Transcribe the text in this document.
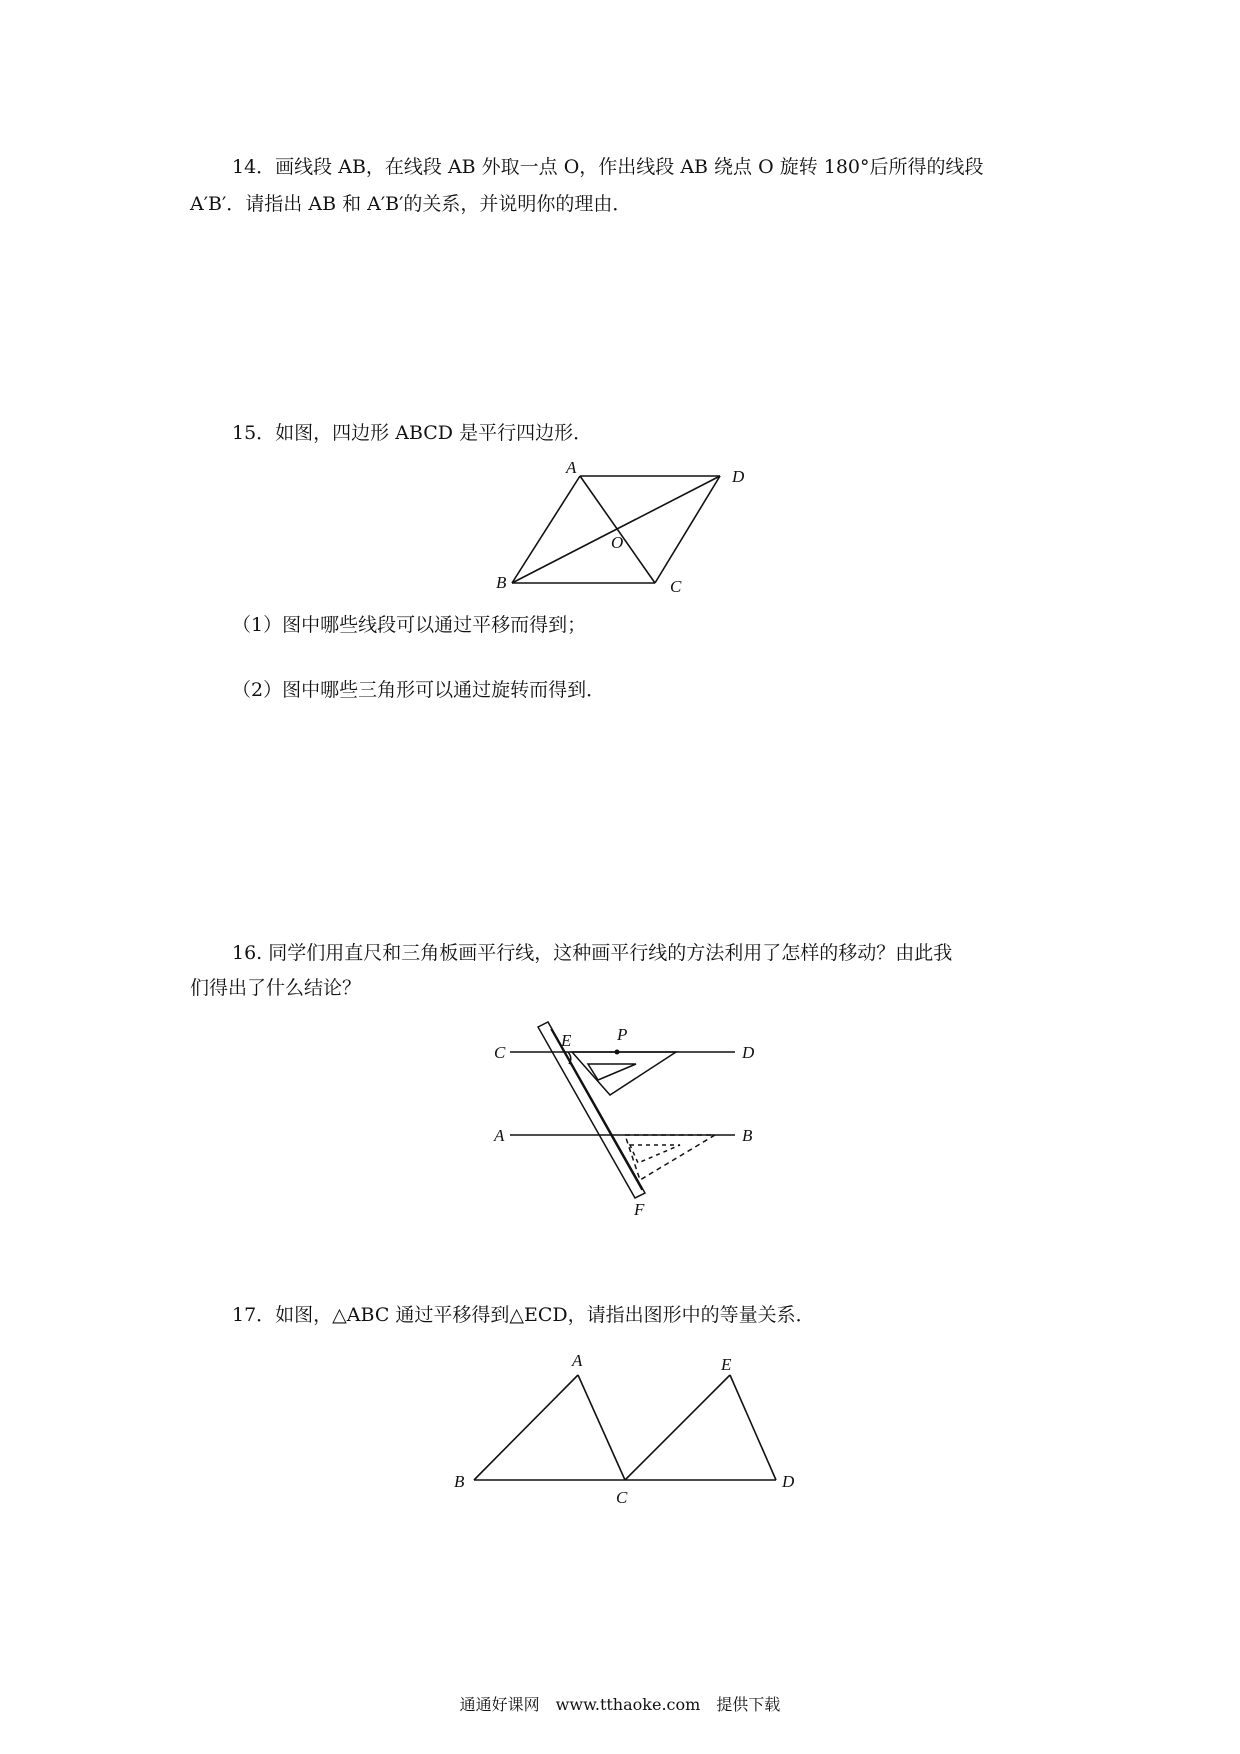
14．画线段 AB，在线段 AB 外取一点 O，作出线段 AB 绕点 O 旋转 180°后所得的线段
A′B′．请指出 AB 和 A′B′的关系，并说明你的理由．
15．如图，四边形 ABCD 是平行四边形．
A	D
O
B	C
（1）图中哪些线段可以通过平移而得到；
（2）图中哪些三角形可以通过旋转而得到．
16. 同学们用直尺和三角板画平行线，这种画平行线的方法利用了怎样的移动？由此我
们得出了什么结论？
C
E	P
D
A	B
F
17．如图，△ABC 通过平移得到△ECD，请指出图形中的等量关系．
A	E
B
C
D
通通好课网　www.tthaoke.com　提供下载
